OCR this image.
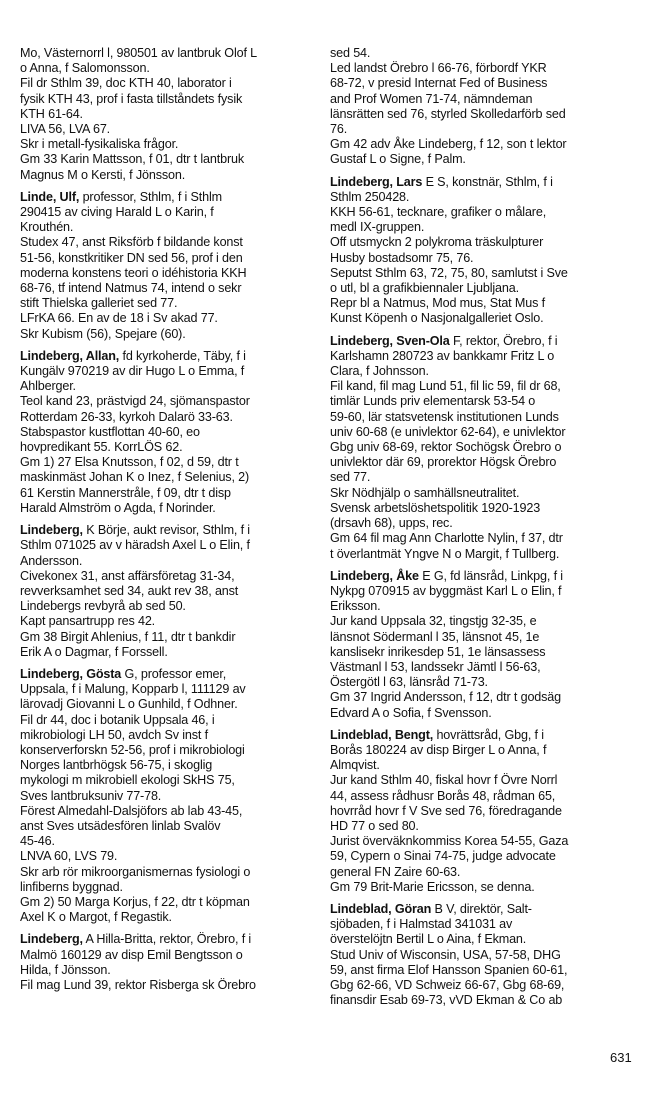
Mo, Västernorrl l, 980501 av lantbruk Olof L
o Anna, f Salomonsson.
Fil dr Sthlm 39, doc KTH 40, laborator i
fysik KTH 43, prof i fasta tillståndets fysik
KTH 61-64.
LIVA 56, LVA 67.
Skr i metall-fysikaliska frågor.
Gm 33 Karin Mattsson, f 01, dtr t lantbruk
Magnus M o Kersti, f Jönsson.
Linde, Ulf, professor, Sthlm, f i Sthlm
290415 av civing Harald L o Karin, f
Krouthén.
Studex 47, anst Riksförb f bildande konst
51-56, konstkritiker DN sed 56, prof i den
moderna konstens teori o idéhistoria KKH
68-76, tf intend Natmus 74, intend o sekr
stift Thielska galleriet sed 77.
LFrKA 66. En av de 18 i Sv akad 77.
Skr Kubism (56), Spejare (60).
Lindeberg, Allan, fd kyrkoherde, Täby, f i
Kungälv 970219 av dir Hugo L o Emma, f
Ahlberger.
Teol kand 23, prästvigd 24, sjömanspastor
Rotterdam 26-33, kyrkoh Dalarö 33-63.
Stabspastor kustflottan 40-60, eo
hovpredikant 55. KorrLÖS 62.
Gm 1) 27 Elsa Knutsson, f 02, d 59, dtr t
maskinmäst Johan K o Inez, f Selenius, 2)
61 Kerstin Mannerstråle, f 09, dtr t disp
Harald Almström o Agda, f Norinder.
Lindeberg, K Börje, aukt revisor, Sthlm, f i
Sthlm 071025 av v häradsh Axel L o Elin, f
Andersson.
Civekonex 31, anst affärsföretag 31-34,
revverksamhet sed 34, aukt rev 38, anst
Lindebergs revbyrå ab sed 50.
Kapt pansartrupp res 42.
Gm 38 Birgit Ahlenius, f 11, dtr t bankdir
Erik A o Dagmar, f Forssell.
Lindeberg, Gösta G, professor emer,
Uppsala, f i Malung, Kopparb l, 111129 av
lärovadj Giovanni L o Gunhild, f Odhner.
Fil dr 44, doc i botanik Uppsala 46, i
mikrobiologi LH 50, avdch Sv inst f
konserverforskn 52-56, prof i mikrobiologi
Norges lantbrhögsk 56-75, i skoglig
mykologi m mikrobiell ekologi SkHS 75,
Sves lantbruksuniv 77-78.
Förest Almedahl-Dalsjöfors ab lab 43-45,
anst Sves utsädesfören linlab Svalöv
45-46.
LNVA 60, LVS 79.
Skr arb rör mikroorganismernas fysiologi o
linfiberns byggnad.
Gm 2) 50 Marga Korjus, f 22, dtr t köpman
Axel K o Margot, f Regastik.
Lindeberg, A Hilla-Britta, rektor, Örebro, f i
Malmö 160129 av disp Emil Bengtsson o
Hilda, f Jönsson.
Fil mag Lund 39, rektor Risberga sk Örebro
sed 54.
Led landst Örebro l 66-76, förbordf YKR
68-72, v presid Internat Fed of Business
and Prof Women 71-74, nämndeman
länsrätten sed 76, styrled Skolledarförb sed
76.
Gm 42 adv Åke Lindeberg, f 12, son t lektor
Gustaf L o Signe, f Palm.
Lindeberg, Lars E S, konstnär, Sthlm, f i
Sthlm 250428.
KKH 56-61, tecknare, grafiker o målare,
medl IX-gruppen.
Off utsmyckn 2 polykroma träskulpturer
Husby bostadsomr 75, 76.
Seputst Sthlm 63, 72, 75, 80, samlutst i Sve
o utl, bl a grafikbiennaler Ljubljana.
Repr bl a Natmus, Mod mus, Stat Mus f
Kunst Köpenh o Nasjonalgalleriet Oslo.
Lindeberg, Sven-Ola F, rektor, Örebro, f i
Karlshamn 280723 av bankkamr Fritz L o
Clara, f Johnsson.
Fil kand, fil mag Lund 51, fil lic 59, fil dr 68,
timlär Lunds priv elementarsk 53-54 o
59-60, lär statsvetensk institutionen Lunds
univ 60-68 (e univlektor 62-64), e univlektor
Gbg univ 68-69, rektor Sochögsk Örebro o
univlektor där 69, prorektor Högsk Örebro
sed 77.
Skr Nödhjälp o samhällsneutralitet.
Svensk arbetslöshetspolitik 1920-1923
(drsavh 68), upps, rec.
Gm 64 fil mag Ann Charlotte Nylin, f 37, dtr
t överlantmät Yngve N o Margit, f Tullberg.
Lindeberg, Åke E G, fd länsråd, Linkpg, f i
Nykpg 070915 av byggmäst Karl L o Elin, f
Eriksson.
Jur kand Uppsala 32, tingstjg 32-35, e
länsnot Södermanl l 35, länsnot 45, 1e
kanslisekr inrikesdep 51, 1e länsassess
Västmanl l 53, landssekr Jämtl l 56-63,
Östergötl l 63, länsråd 71-73.
Gm 37 Ingrid Andersson, f 12, dtr t godsäg
Edvard A o Sofia, f Svensson.
Lindeblad, Bengt, hovrättsråd, Gbg, f i
Borås 180224 av disp Birger L o Anna, f
Almqvist.
Jur kand Sthlm 40, fiskal hovr f Övre Norrl
44, assess rådhusr Borås 48, rådman 65,
hovrråd hovr f V Sve sed 76, föredragande
HD 77 o sed 80.
Jurist överväknkommiss Korea 54-55, Gaza
59, Cypern o Sinai 74-75, judge advocate
general FN Zaire 60-63.
Gm 79 Brit-Marie Ericsson, se denna.
Lindeblad, Göran B V, direktör, Salt-
sjöbaden, f i Halmstad 341031 av
överstelöjtn Bertil L o Aina, f Ekman.
Stud Univ of Wisconsin, USA, 57-58, DHG
59, anst firma Elof Hansson Spanien 60-61,
Gbg 62-66, VD Schweiz 66-67, Gbg 68-69,
finansdir Esab 69-73, vVD Ekman & Co ab
631
